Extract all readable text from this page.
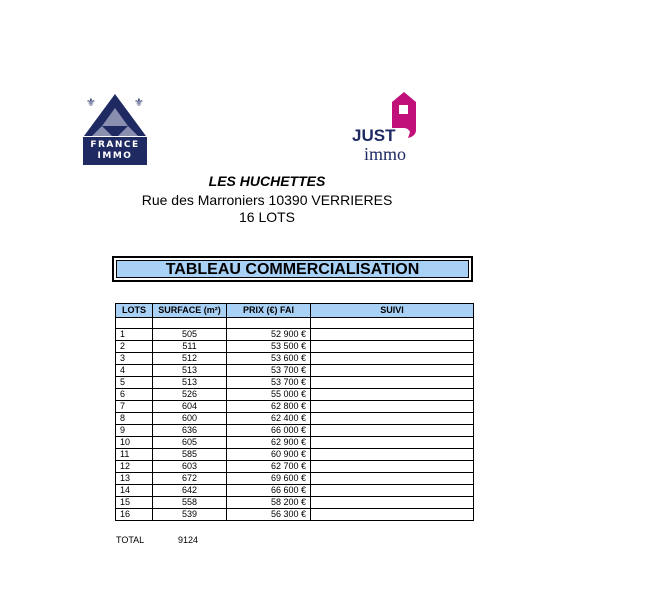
⚜	⚜
FRANCE
IMMO
JUST
immo
LES HUCHETTES
Rue des Marroniers 10390 VERRIERES
16 LOTS
TABLEAU COMMERCIALISATION
LOTS	SURFACE (m²)	PRIX (€) FAI	SUIVI

1	505	52 900 €	
2	511	53 500 €	
3	512	53 600 €	
4	513	53 700 €	
5	513	53 700 €	
6	526	55 000 €	
7	604	62 800 €	
8	600	62 400 €	
9	636	66 000 €	
10	605	62 900 €	
11	585	60 900 €	
12	603	62 700 €	
13	672	69 600 €	
14	642	66 600 €	
15	558	58 200 €	
16	539	56 300 €	
TOTAL	9124
